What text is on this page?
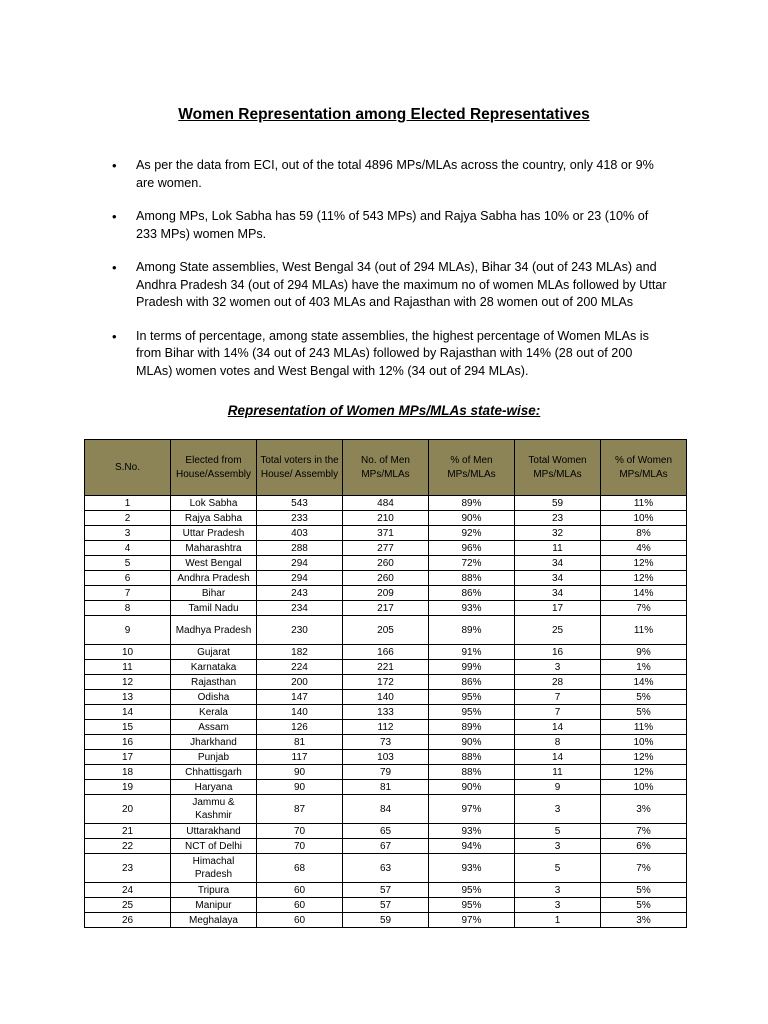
Women Representation among Elected Representatives
• As per the data from ECI, out of the total 4896 MPs/MLAs across the country, only 418 or 9% are women.
• Among MPs, Lok Sabha has 59 (11% of 543 MPs) and Rajya Sabha has 10% or 23 (10% of 233 MPs) women MPs.
• Among State assemblies, West Bengal 34 (out of 294 MLAs), Bihar 34 (out of 243 MLAs) and Andhra Pradesh 34 (out of 294 MLAs) have the maximum no of women MLAs followed by Uttar Pradesh with 32 women out of 403 MLAs and Rajasthan with 28 women out of 200 MLAs
• In terms of percentage, among state assemblies, the highest percentage of Women MLAs is from Bihar with 14% (34 out of 243 MLAs) followed by Rajasthan with 14% (28 out of 200 MLAs) women votes and West Bengal with 12% (34 out of 294 MLAs).
Representation of Women MPs/MLAs state-wise:
S.No.	Elected from House/Assembly	Total voters in the House/ Assembly	No. of Men MPs/MLAs	% of Men MPs/MLAs	Total Women MPs/MLAs	% of Women MPs/MLAs
1	Lok Sabha	543	484	89%	59	11%
2	Rajya Sabha	233	210	90%	23	10%
3	Uttar Pradesh	403	371	92%	32	8%
4	Maharashtra	288	277	96%	11	4%
5	West Bengal	294	260	72%	34	12%
6	Andhra Pradesh	294	260	88%	34	12%
7	Bihar	243	209	86%	34	14%
8	Tamil Nadu	234	217	93%	17	7%
9	Madhya Pradesh	230	205	89%	25	11%
10	Gujarat	182	166	91%	16	9%
11	Karnataka	224	221	99%	3	1%
12	Rajasthan	200	172	86%	28	14%
13	Odisha	147	140	95%	7	5%
14	Kerala	140	133	95%	7	5%
15	Assam	126	112	89%	14	11%
16	Jharkhand	81	73	90%	8	10%
17	Punjab	117	103	88%	14	12%
18	Chhattisgarh	90	79	88%	11	12%
19	Haryana	90	81	90%	9	10%
20	Jammu & Kashmir	87	84	97%	3	3%
21	Uttarakhand	70	65	93%	5	7%
22	NCT of Delhi	70	67	94%	3	6%
23	Himachal Pradesh	68	63	93%	5	7%
24	Tripura	60	57	95%	3	5%
25	Manipur	60	57	95%	3	5%
26	Meghalaya	60	59	97%	1	3%
